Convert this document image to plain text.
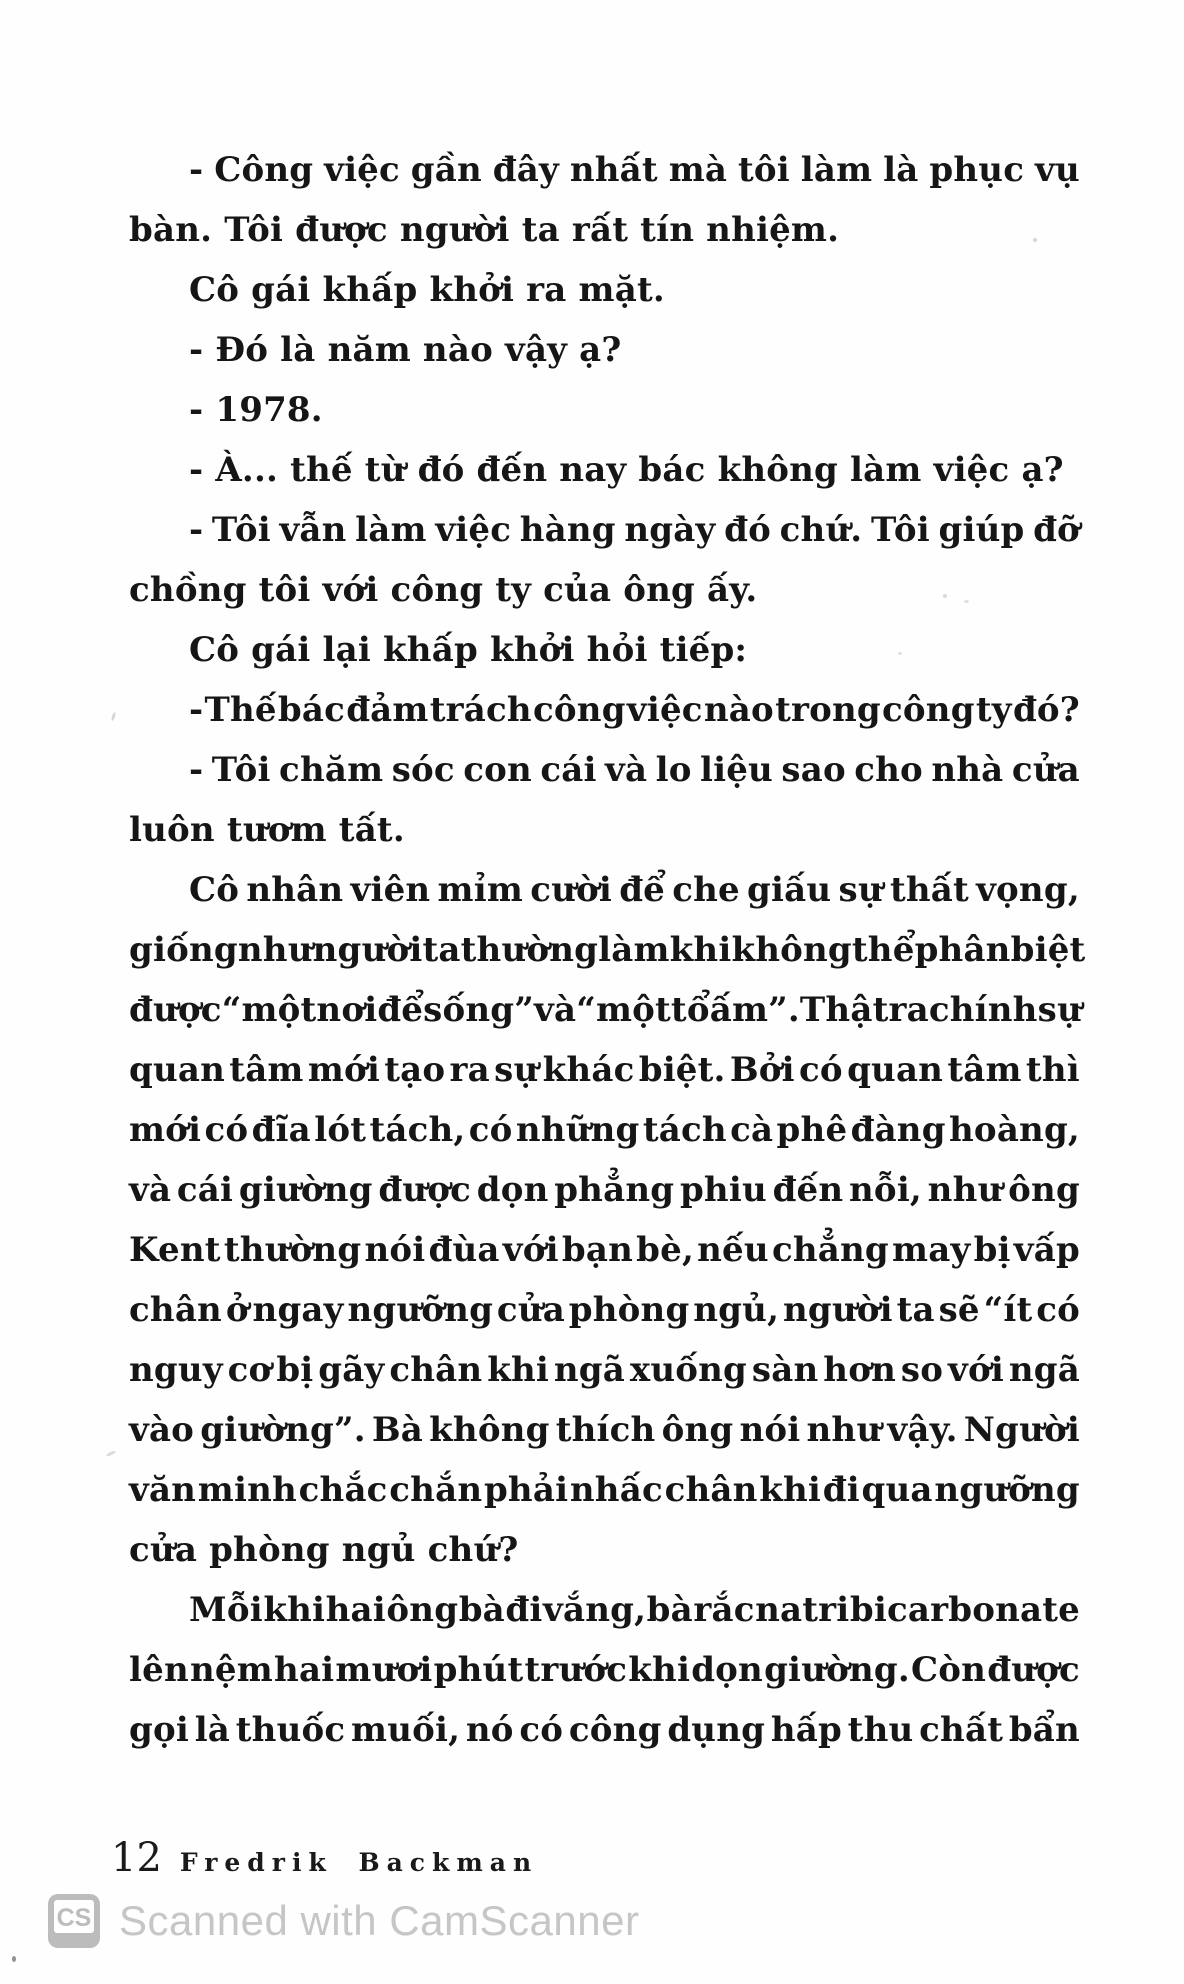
- Công việc gần đây nhất mà tôi làm là phục vụ
bàn. Tôi được người ta rất tín nhiệm.
Cô gái khấp khởi ra mặt.
- Đó là năm nào vậy ạ?
- 1978.
- À... thế từ đó đến nay bác không làm việc ạ?
- Tôi vẫn làm việc hàng ngày đó chứ. Tôi giúp đỡ
chồng tôi với công ty của ông ấy.
Cô gái lại khấp khởi hỏi tiếp:
- Thế bác đảm trách công việc nào trong công ty đó?
- Tôi chăm sóc con cái và lo liệu sao cho nhà cửa
luôn tươm tất.
Cô nhân viên mỉm cười để che giấu sự thất vọng,
giống như người ta thường làm khi không thể phân biệt
được “một nơi để sống” và “một tổ ấm”. Thật ra chính sự
quan tâm mới tạo ra sự khác biệt. Bởi có quan tâm thì
mới có đĩa lót tách, có những tách cà phê đàng hoàng,
và cái giường được dọn phẳng phiu đến nỗi, như ông
Kent thường nói đùa với bạn bè, nếu chẳng may bị vấp
chân ở ngay ngưỡng cửa phòng ngủ, người ta sẽ “ít có
nguy cơ bị gãy chân khi ngã xuống sàn hơn so với ngã
vào giường”. Bà không thích ông nói như vậy. Người
văn minh chắc chắn phải nhấc chân khi đi qua ngưỡng
cửa phòng ngủ chứ?
Mỗi khi hai ông bà đi vắng, bà rắc natri bicarbonate
lên nệm hai mươi phút trước khi dọn giường. Còn được
gọi là thuốc muối, nó có công dụng hấp thu chất bẩn
12 Fredrik Backman
CS Scanned with CamScanner
